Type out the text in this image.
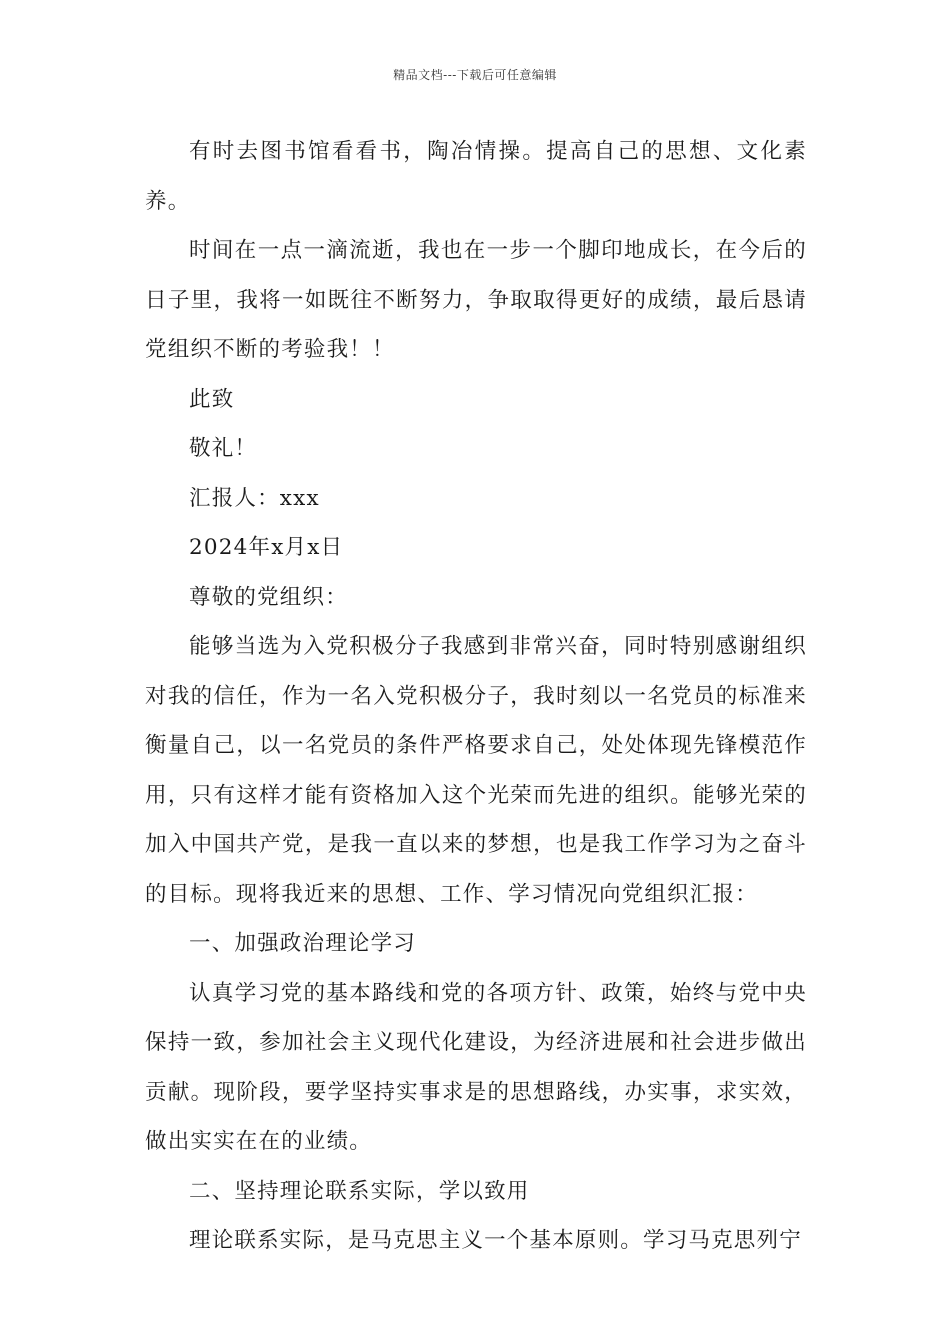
精品文档---下载后可任意编辑

有时去图书馆看看书，陶冶情操。提高自己的思想、文化素养。

时间在一点一滴流逝，我也在一步一个脚印地成长，在今后的日子里，我将一如既往不断努力，争取取得更好的成绩，最后恳请党组织不断的考验我！！

此致

敬礼！

汇报人：xxx

2024年x月x日

尊敬的党组织：

能够当选为入党积极分子我感到非常兴奋，同时特别感谢组织对我的信任，作为一名入党积极分子，我时刻以一名党员的标准来衡量自己，以一名党员的条件严格要求自己，处处体现先锋模范作用，只有这样才能有资格加入这个光荣而先进的组织。能够光荣的加入中国共产党，是我一直以来的梦想，也是我工作学习为之奋斗的目标。现将我近来的思想、工作、学习情况向党组织汇报：

一、加强政治理论学习

认真学习党的基本路线和党的各项方针、政策，始终与党中央保持一致，参加社会主义现代化建设，为经济进展和社会进步做出贡献。现阶段，要学坚持实事求是的思想路线，办实事，求实效，做出实实在在的业绩。

二、坚持理论联系实际，学以致用

理论联系实际，是马克思主义一个基本原则。学习马克思列宁
